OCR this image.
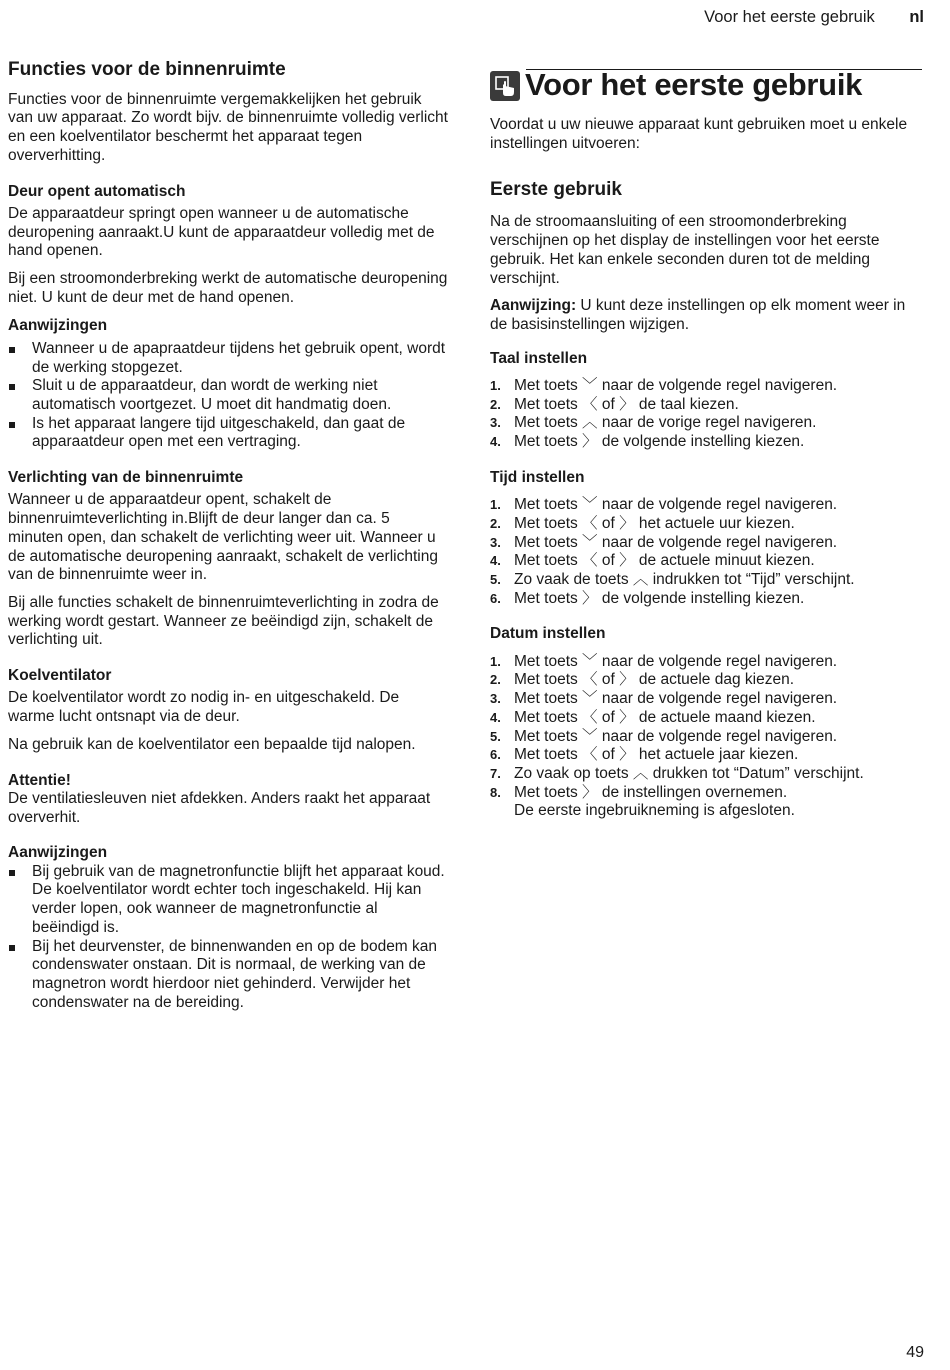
Voor het eerste gebruik nl
Functies voor de binnenruimte

Functies voor de binnenruimte vergemakkelijken het gebruik van uw apparaat. Zo wordt bijv. de binnenruimte volledig verlicht en een koelventilator beschermt het apparaat tegen oververhitting.

Deur opent automatisch

De apparaatdeur springt open wanneer u de automatische deuropening aanraakt.U kunt de apparaatdeur volledig met de hand openen.

Bij een stroomonderbreking werkt de automatische deuropening niet. U kunt de deur met de hand openen.

Aanwijzingen
Wanneer u de apapraatdeur tijdens het gebruik opent, wordt de werking stopgezet.
Sluit u de apparaatdeur, dan wordt de werking niet automatisch voortgezet. U moet dit handmatig doen.
Is het apparaat langere tijd uitgeschakeld, dan gaat de apparaatdeur open met een vertraging.
Verlichting van de binnenruimte

Wanneer u de apparaatdeur opent, schakelt de binnenruimteverlichting in.Blijft de deur langer dan ca. 5 minuten open, dan schakelt de verlichting weer uit. Wanneer u de automatische deuropening aanraakt, schakelt de verlichting van de binnenruimte weer in.

Bij alle functies schakelt de binnenruimteverlichting in zodra de werking wordt gestart. Wanneer ze beëindigd zijn, schakelt de verlichting uit.

Koelventilator

De koelventilator wordt zo nodig in- en uitgeschakeld. De warme lucht ontsnapt via de deur.

Na gebruik kan de koelventilator een bepaalde tijd nalopen.

Attentie!

De ventilatiesleuven niet afdekken. Anders raakt het apparaat oververhit.

Aanwijzingen
Bij gebruik van de magnetronfunctie blijft het apparaat koud. De koelventilator wordt echter toch ingeschakeld. Hij kan verder lopen, ook wanneer de magnetronfunctie al beëindigd is.
Bij het deurvenster, de binnenwanden en op de bodem kan condenswater onstaan. Dit is normaal, de werking van de magnetron wordt hierdoor niet gehinderd. Verwijder het condenswater na de bereiding.
Voor het eerste gebruik

Voordat u uw nieuwe apparaat kunt gebruiken moet u enkele instellingen uitvoeren:

Eerste gebruik

Na de stroomaansluiting of een stroomonderbreking verschijnen op het display de instellingen voor het eerste gebruik. Het kan enkele seconden duren tot de melding verschijnt.

Aanwijzing: U kunt deze instellingen op elk moment weer in de basisinstellingen wijzigen.

Taal instellen
1. Met toets ﹀ naar de volgende regel navigeren.
2. Met toets 〈 of 〉 de taal kiezen.
3. Met toets ︿ naar de vorige regel navigeren.
4. Met toets 〉 de volgende instelling kiezen.
Tijd instellen
1. Met toets ﹀ naar de volgende regel navigeren.
2. Met toets 〈 of 〉 het actuele uur kiezen.
3. Met toets ﹀ naar de volgende regel navigeren.
4. Met toets 〈 of 〉 de actuele minuut kiezen.
5. Zo vaak de toets ︿ indrukken tot “Tijd” verschijnt.
6. Met toets 〉 de volgende instelling kiezen.
Datum instellen
1. Met toets ﹀ naar de volgende regel navigeren.
2. Met toets 〈 of 〉 de actuele dag kiezen.
3. Met toets ﹀ naar de volgende regel navigeren.
4. Met toets 〈 of 〉 de actuele maand kiezen.
5. Met toets ﹀ naar de volgende regel navigeren.
6. Met toets 〈 of 〉 het actuele jaar kiezen.
7. Zo vaak op toets ︿ drukken tot “Datum” verschijnt.
8. Met toets 〉 de instellingen overnemen.
De eerste ingebruikneming is afgesloten.
49
